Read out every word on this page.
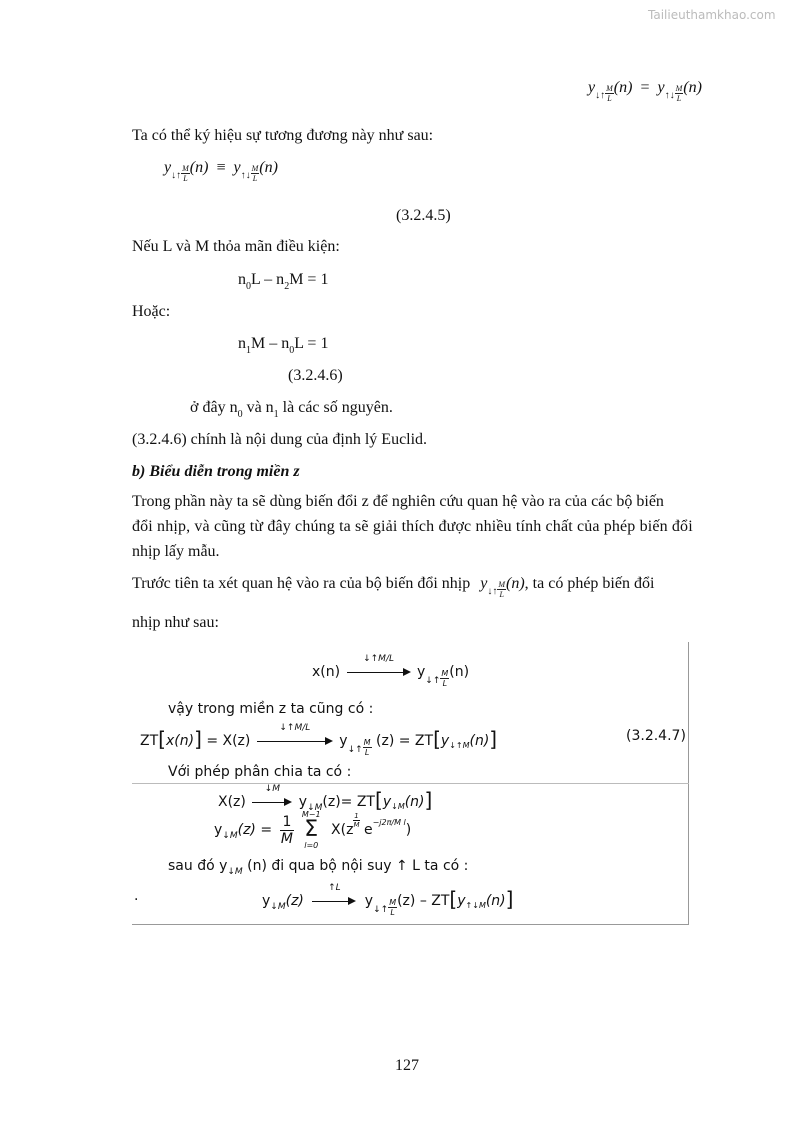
Tailieuthamkhao.com
$y_{↓↑ \frac{M}{L}}$ $(n) = y_{↑↓ \frac{M}{L}}$ (n)
Ta có thể ký hiệu sự tương đương này như sau:
$y_{↓↑ \frac{M}{L}}$ $(n) \equiv y_{↑↓ \frac{M}{L}}$ (n)
(3.2.4.5)
Nếu L và M thỏa mãn điều kiện:
$n_0L - n_2M = 1$
Hoặc:
$n_1M - n_0L = 1$
(3.2.4.6)
ở đây $n_0$ và $n_1$ là các số nguyên.
(3.2.4.6) chính là nội dung của định lý Euclid.
b) Biểu diễn trong miền z
Trong phần này ta sẽ dùng biến đổi z để nghiên cứu quan hệ vào ra của các bộ biến
đổi nhịp, và cũng từ đây chúng ta sẽ giải thích được nhiều tính chất của phép biến đổi
nhịp lấy mẫu.
Trước tiên ta xét quan hệ vào ra của bộ biến đổi nhịp $y_{↓↑ \frac{M}{L}}$ (n), ta có phép biến đổi
nhịp như sau:
x(n)
↓↑M/L
$y_{↓↑ \frac{M}{L}}$ (n)
vậy trong miền z ta cũng có :
ZT[x(n)] = X(z)
↓↑M/L
$y_{↓↑ \frac{M}{L}}$ $(z) = ZT[y_{↓↑M}(n)]$	(3.2.4.7)
Với phép phân chia ta có :
X(z)
↓M
$y_{↓M}(z)= ZT[y_{↓M}(n)]$
$y_{↓M}(z) = \frac{1}{M}$
M−1
Σ
l=0
X(z
$\frac{1}{M}$
$e^{-j2\pi/M l}$)
sau đó $y_{↓M}$ (n) đi qua bộ nội suy ↑ L ta có :
$y_{↓M}(z)$
↑L
$y_{↓↑ \frac{M}{L}}$ $(z) - ZT[y_{↑↓M}(n)]$
.
127
